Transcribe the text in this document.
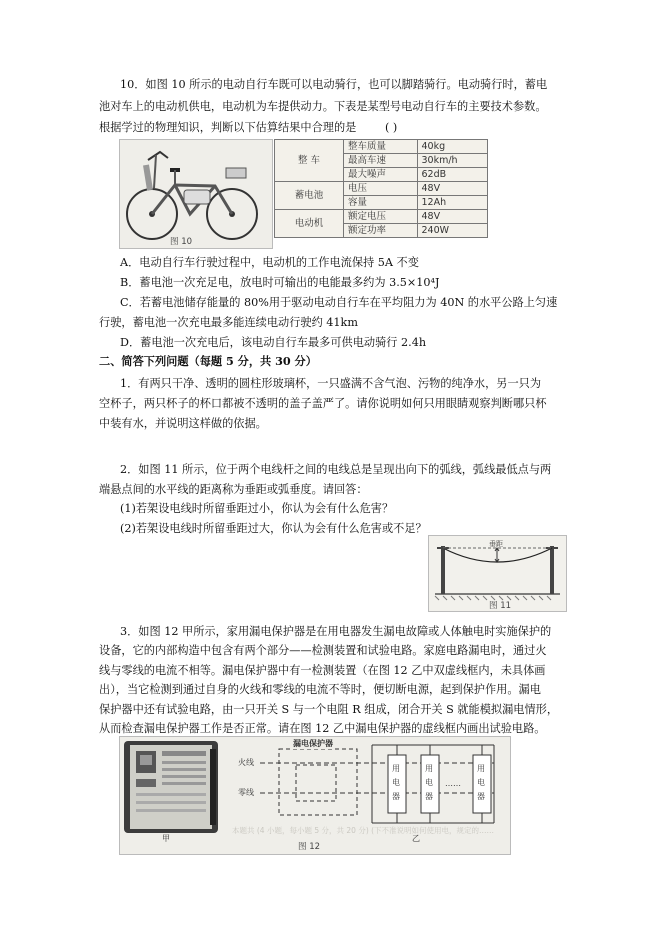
10．如图 10 所示的电动自行车既可以电动骑行，也可以脚踏骑行。电动骑行时，蓄电
池对车上的电动机供电，电动机为车提供动力。下表是某型号电动自行车的主要技术参数。
根据学过的物理知识，判断以下估算结果中合理的是	( )
图 10
整 车	整车质量	40kg
	最高车速	30km/h
	最大噪声	62dB
蓄电池	电压	48V
	容量	12Ah
电动机	额定电压	48V
	额定功率	240W
A．电动自行车行驶过程中，电动机的工作电流保持 5A 不变
B．蓄电池一次充足电，放电时可输出的电能最多约为 3.5×10⁴J
C．若蓄电池储存能量的 80%用于驱动电动自行车在平均阻力为 40N 的水平公路上匀速
行驶，蓄电池一次充电最多能连续电动行驶约 41km
D．蓄电池一次充电后，该电动自行车最多可供电动骑行 2.4h
二、简答下列问题（每题 5 分，共 30 分）
1．有两只干净、透明的圆柱形玻璃杯，一只盛满不含气泡、污物的纯净水，另一只为
空杯子，两只杯子的杯口都被不透明的盖子盖严了。请你说明如何只用眼睛观察判断哪只杯
中装有水，并说明这样做的依据。
2．如图 11 所示，位于两个电线杆之间的电线总是呈现出向下的弧线，弧线最低点与两
端悬点间的水平线的距离称为垂距或弧垂度。请回答：
(1)若架设电线时所留垂距过小，你认为会有什么危害？
(2)若架设电线时所留垂距过大，你认为会有什么危害或不足？
垂距
图 11
3．如图 12 甲所示，家用漏电保护器是在用电器发生漏电故障或人体触电时实施保护的
设备，它的内部构造中包含有两个部分——检测装置和试验电路。家庭电路漏电时，通过火
线与零线的电流不相等。漏电保护器中有一检测装置（在图 12 乙中双虚线框内，未具体画
出），当它检测到通过自身的火线和零线的电流不等时，便切断电源，起到保护作用。漏电
保护器中还有试验电路，由一只开关 S 与一个电阻 R 组成，闭合开关 S 就能模拟漏电情形，
从而检查漏电保护器工作是否正常。请在图 12 乙中漏电保护器的虚线框内画出试验电路。
漏电保护器
火线
零线
用电器
用电器
用电器
……
甲	乙
本题共 (4 小题，每小题 5 分，共 20 分) (下不准说明如何使用电，规定的……
图 12
